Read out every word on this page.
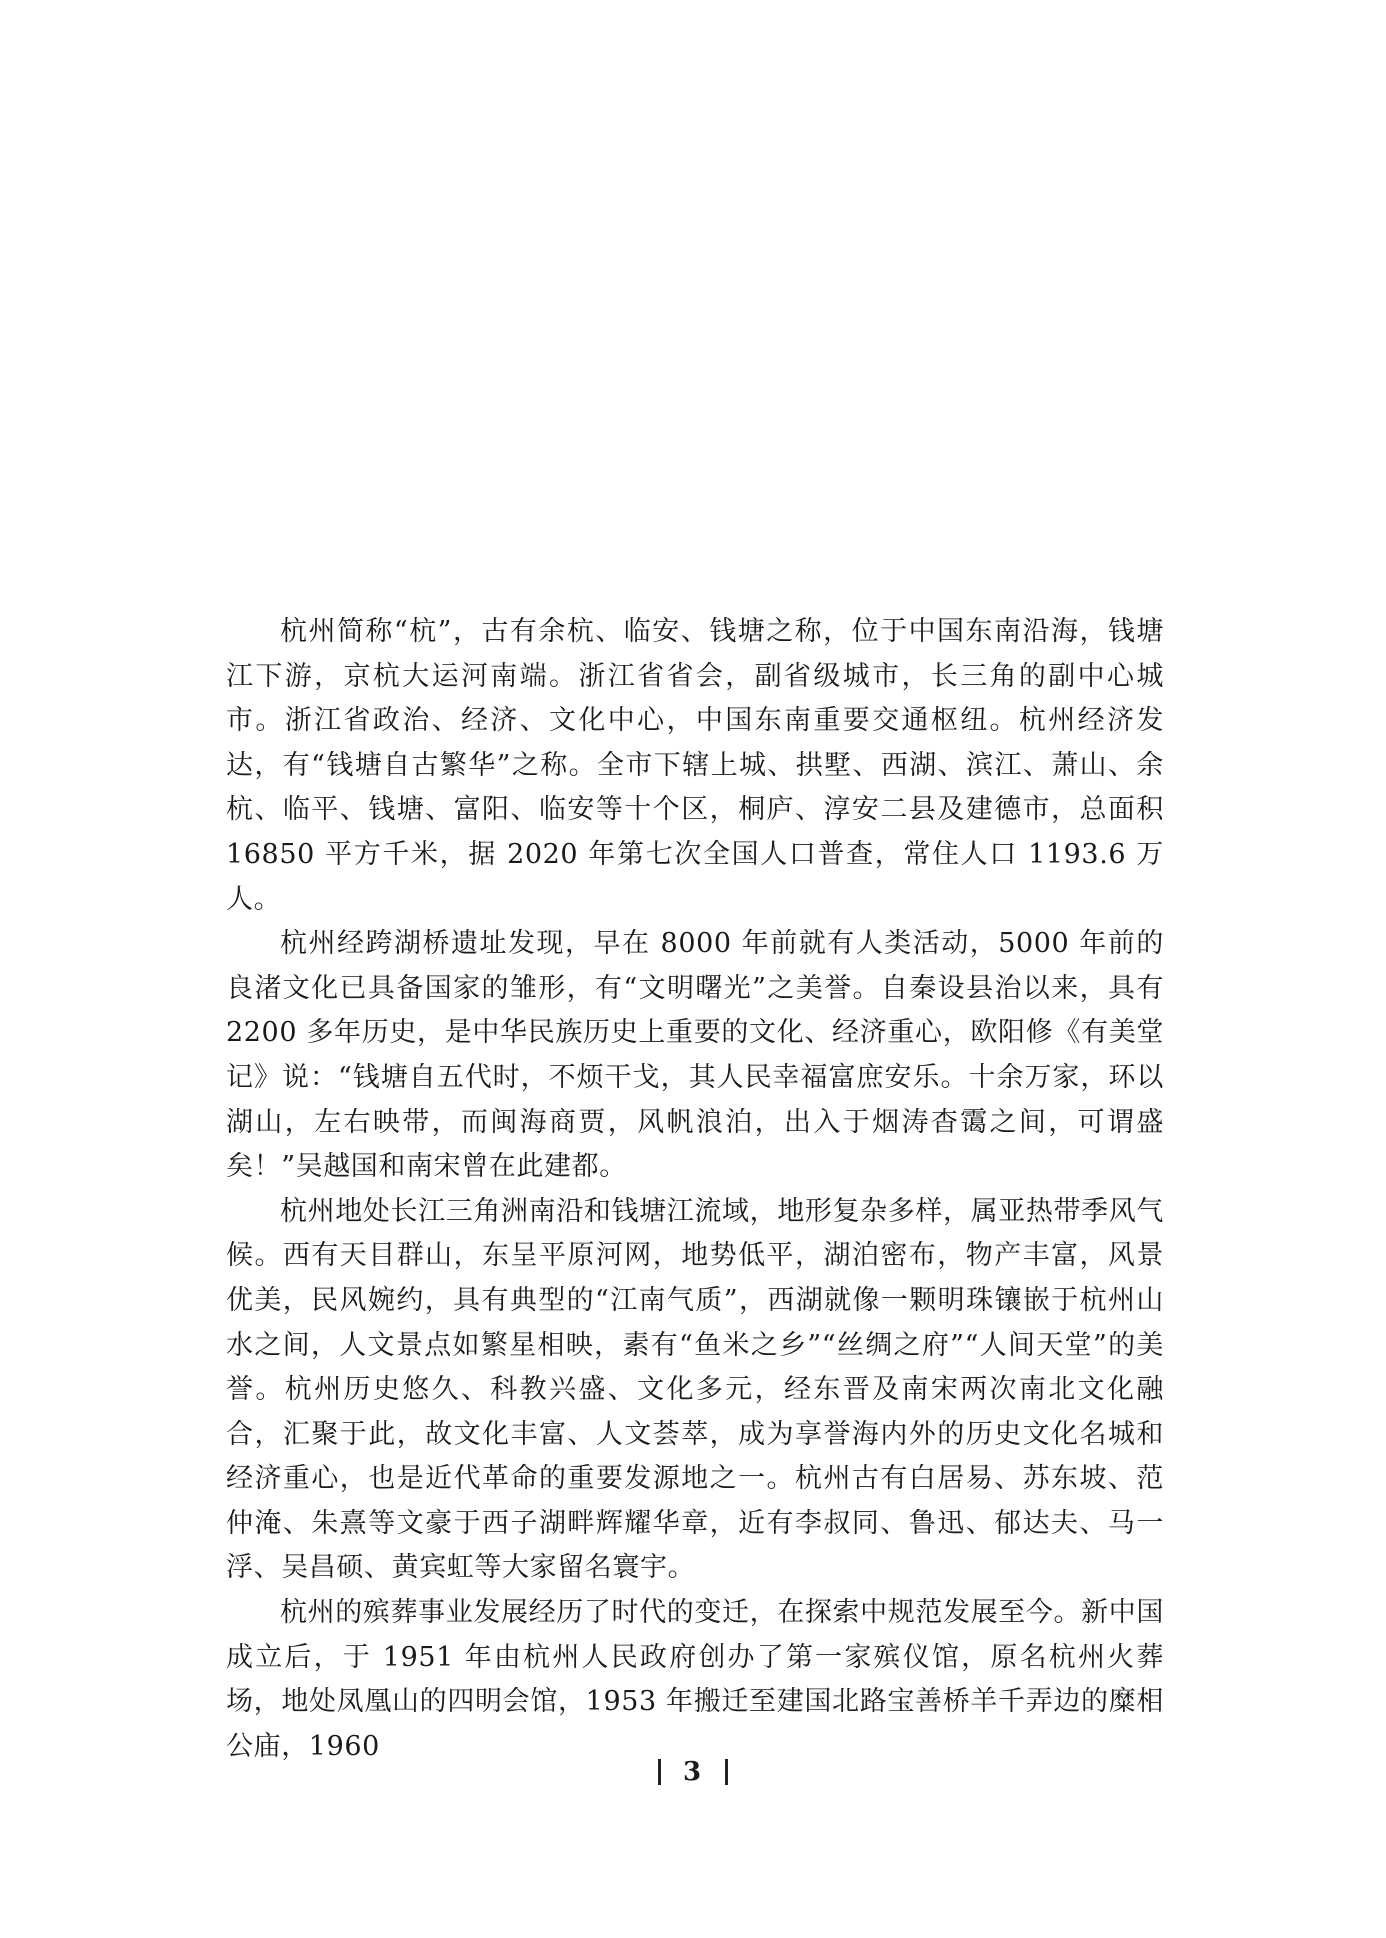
杭州简称“杭”，古有余杭、临安、钱塘之称，位于中国东南沿海，钱塘江下游，京杭大运河南端。浙江省省会，副省级城市，长三角的副中心城市。浙江省政治、经济、文化中心，中国东南重要交通枢纽。杭州经济发达，有“钱塘自古繁华”之称。全市下辖上城、拱墅、西湖、滨江、萧山、余杭、临平、钱塘、富阳、临安等十个区，桐庐、淳安二县及建德市，总面积 16850 平方千米，据 2020 年第七次全国人口普查，常住人口 1193.6 万人。

杭州经跨湖桥遗址发现，早在 8000 年前就有人类活动，5000 年前的良渚文化已具备国家的雏形，有“文明曙光”之美誉。自秦设县治以来，具有 2200 多年历史，是中华民族历史上重要的文化、经济重心，欧阳修《有美堂记》说：“钱塘自五代时，不烦干戈，其人民幸福富庶安乐。十余万家，环以湖山，左右映带，而闽海商贾，风帆浪泊，出入于烟涛杳霭之间，可谓盛矣！”吴越国和南宋曾在此建都。

杭州地处长江三角洲南沿和钱塘江流域，地形复杂多样，属亚热带季风气候。西有天目群山，东呈平原河网，地势低平，湖泊密布，物产丰富，风景优美，民风婉约，具有典型的“江南气质”，西湖就像一颗明珠镶嵌于杭州山水之间，人文景点如繁星相映，素有“鱼米之乡”“丝绸之府”“人间天堂”的美誉。杭州历史悠久、科教兴盛、文化多元，经东晋及南宋两次南北文化融合，汇聚于此，故文化丰富、人文荟萃，成为享誉海内外的历史文化名城和经济重心，也是近代革命的重要发源地之一。杭州古有白居易、苏东坡、范仲淹、朱熹等文豪于西子湖畔辉耀华章，近有李叔同、鲁迅、郁达夫、马一浮、吴昌硕、黄宾虹等大家留名寰宇。

杭州的殡葬事业发展经历了时代的变迁，在探索中规范发展至今。新中国成立后，于 1951 年由杭州人民政府创办了第一家殡仪馆，原名杭州火葬场，地处凤凰山的四明会馆，1953 年搬迁至建国北路宝善桥羊千弄边的糜相公庙，1960

3
